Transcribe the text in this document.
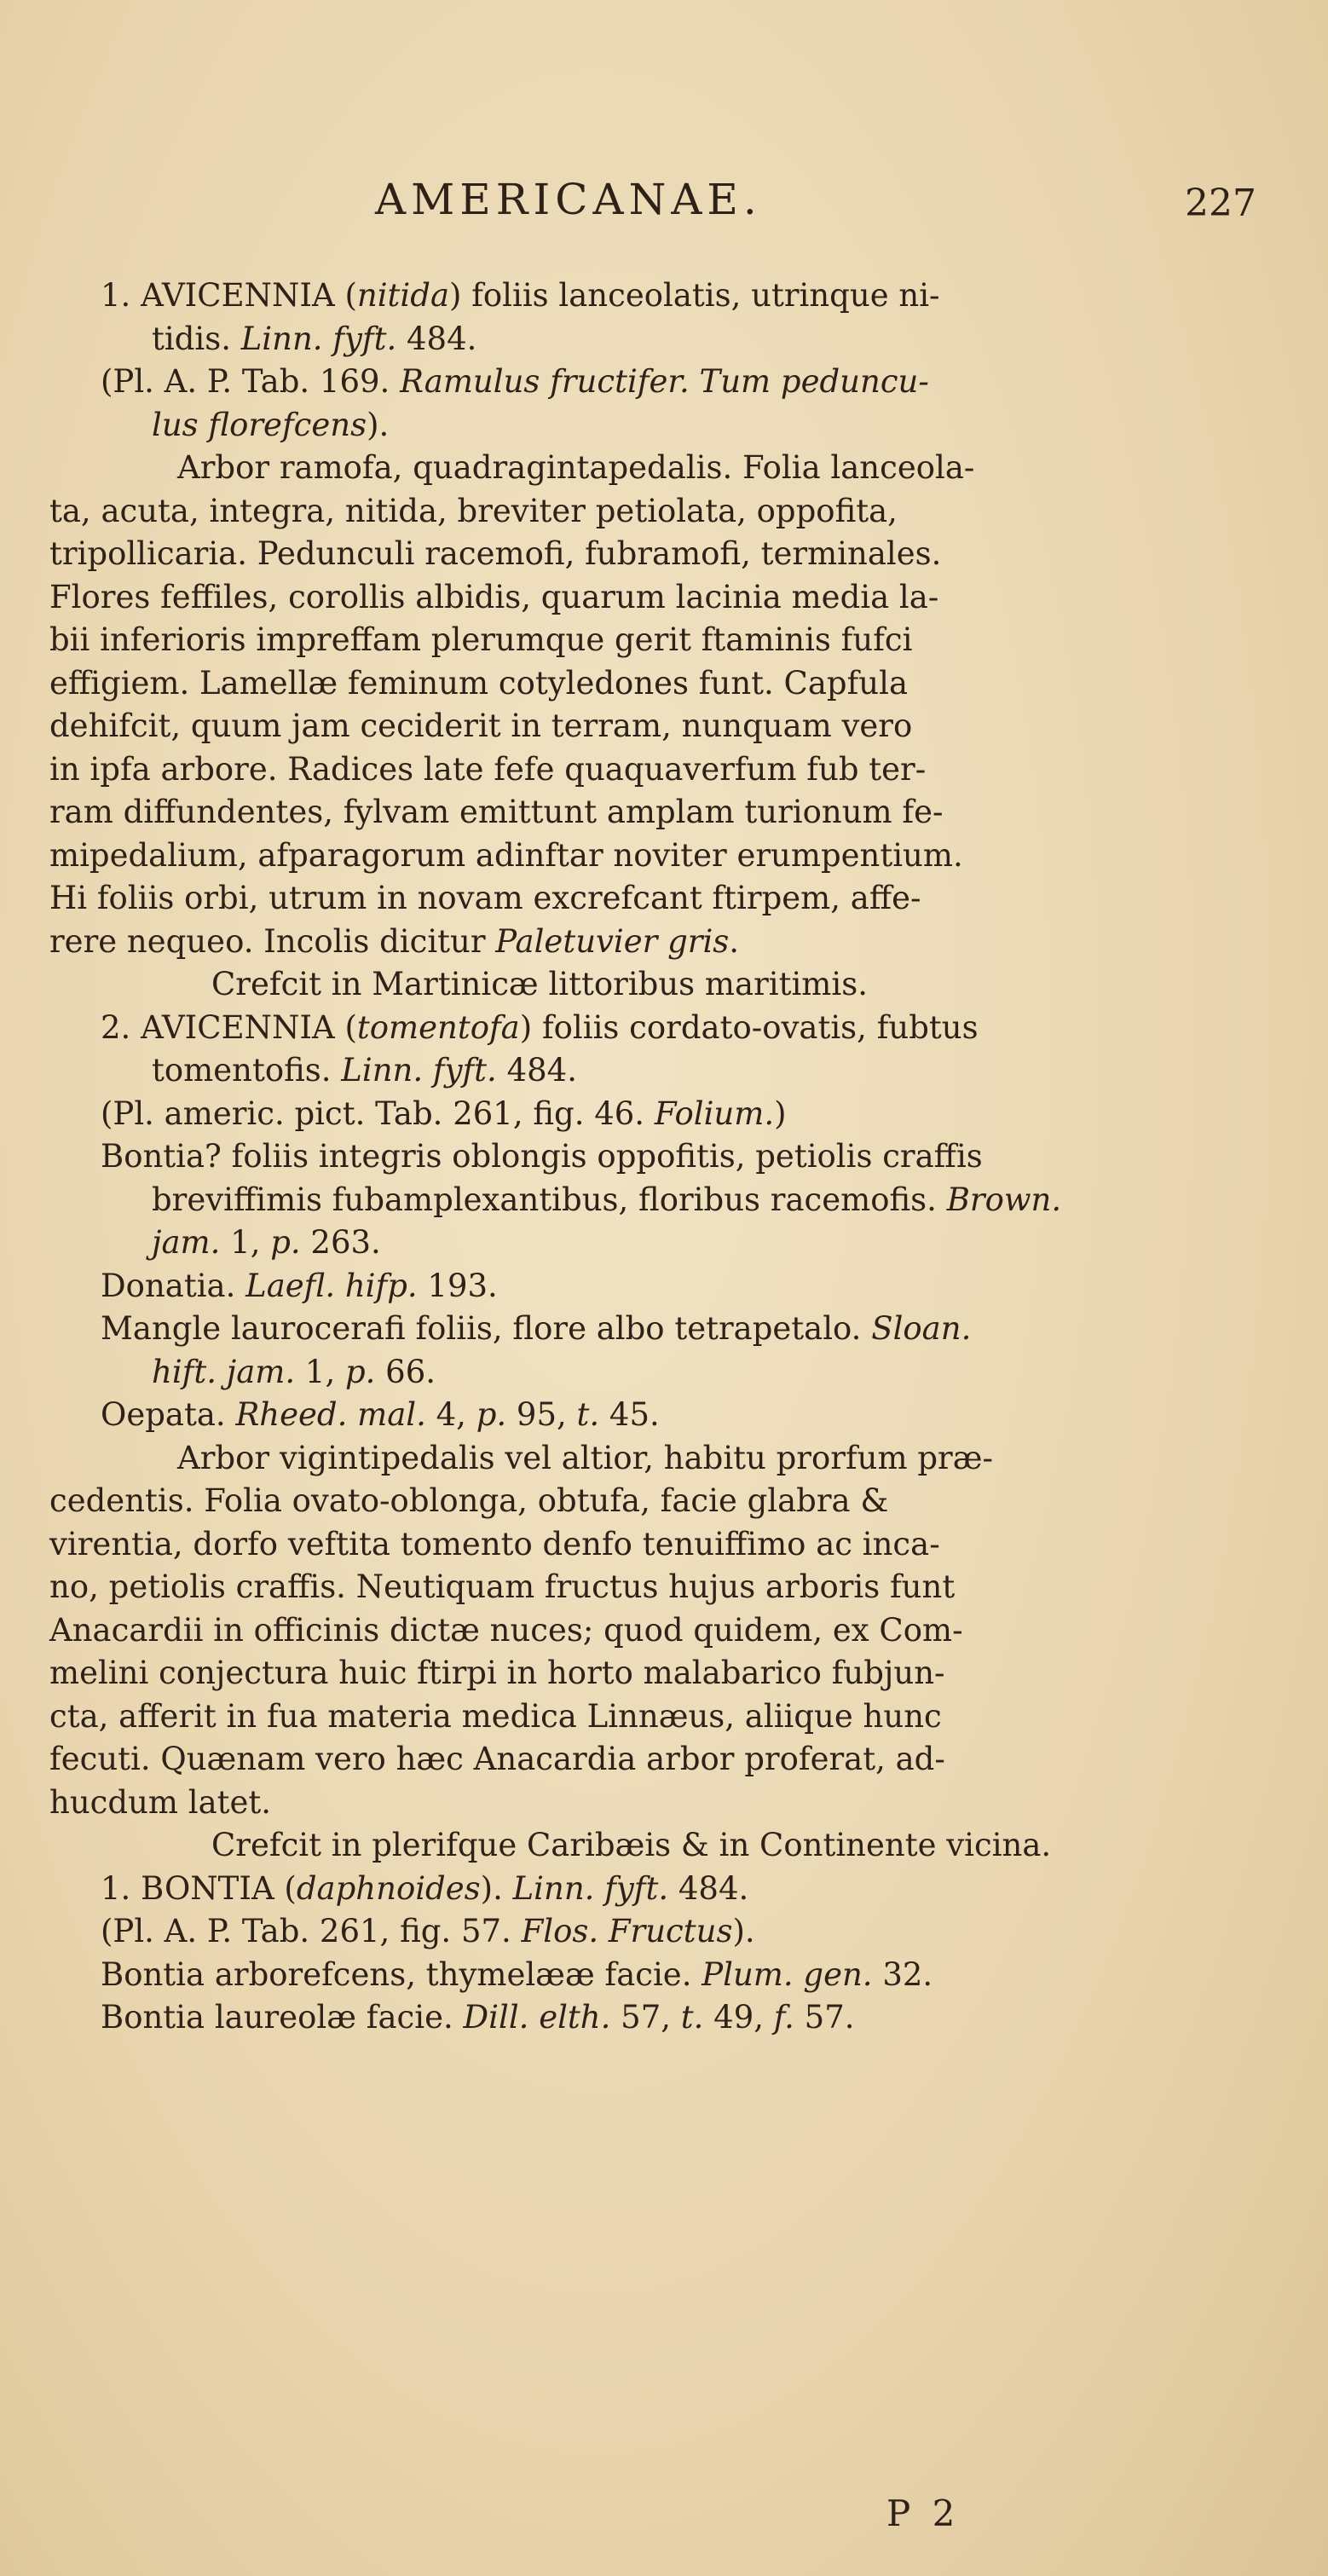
AMERICANAE.	227
1. AVICENNIA (nitida) foliis lanceolatis, utrinque ni-
tidis. Linn. fyft. 484.
(Pl. A. P. Tab. 169. Ramulus fructifer. Tum peduncu-
lus florefcens).
Arbor ramofa, quadragintapedalis. Folia lanceola-
ta, acuta, integra, nitida, breviter petiolata, oppofita,
tripollicaria. Pedunculi racemofi, fubramofi, terminales.
Flores feffiles, corollis albidis, quarum lacinia media la-
bii inferioris impreffam plerumque gerit ftaminis fufci
effigiem. Lamellæ feminum cotyledones funt. Capfula
dehifcit, quum jam ceciderit in terram, nunquam vero
in ipfa arbore. Radices late fefe quaquaverfum fub ter-
ram diffundentes, fylvam emittunt amplam turionum fe-
mipedalium, afparagorum adinftar noviter erumpentium.
Hi foliis orbi, utrum in novam excrefcant ftirpem, affe-
rere nequeo. Incolis dicitur Paletuvier gris.
Crefcit in Martinicæ littoribus maritimis.
2. AVICENNIA (tomentofa) foliis cordato-ovatis, fubtus
tomentofis. Linn. fyft. 484.
(Pl. americ. pict. Tab. 261, fig. 46. Folium.)
Bontia? foliis integris oblongis oppofitis, petiolis craffis
breviffimis fubamplexantibus, floribus racemofis. Brown.
jam. 1, p. 263.
Donatia. Laefl. hifp. 193.
Mangle laurocerafi foliis, flore albo tetrapetalo. Sloan.
hift. jam. 1, p. 66.
Oepata. Rheed. mal. 4, p. 95, t. 45.
Arbor vigintipedalis vel altior, habitu prorfum præ-
cedentis. Folia ovato-oblonga, obtufa, facie glabra &
virentia, dorfo veftita tomento denfo tenuiffimo ac inca-
no, petiolis craffis. Neutiquam fructus hujus arboris funt
Anacardii in officinis dictæ nuces; quod quidem, ex Com-
melini conjectura huic ftirpi in horto malabarico fubjun-
cta, afferit in fua materia medica Linnæus, aliique hunc
fecuti. Quænam vero hæc Anacardia arbor proferat, ad-
hucdum latet.
Crefcit in plerifque Caribæis & in Continente vicina.
1. BONTIA (daphnoides). Linn. fyft. 484.
(Pl. A. P. Tab. 261, fig. 57. Flos. Fructus).
Bontia arborefcens, thymelææ facie. Plum. gen. 32.
Bontia laureolæ facie. Dill. elth. 57, t. 49, f. 57.
P 2
